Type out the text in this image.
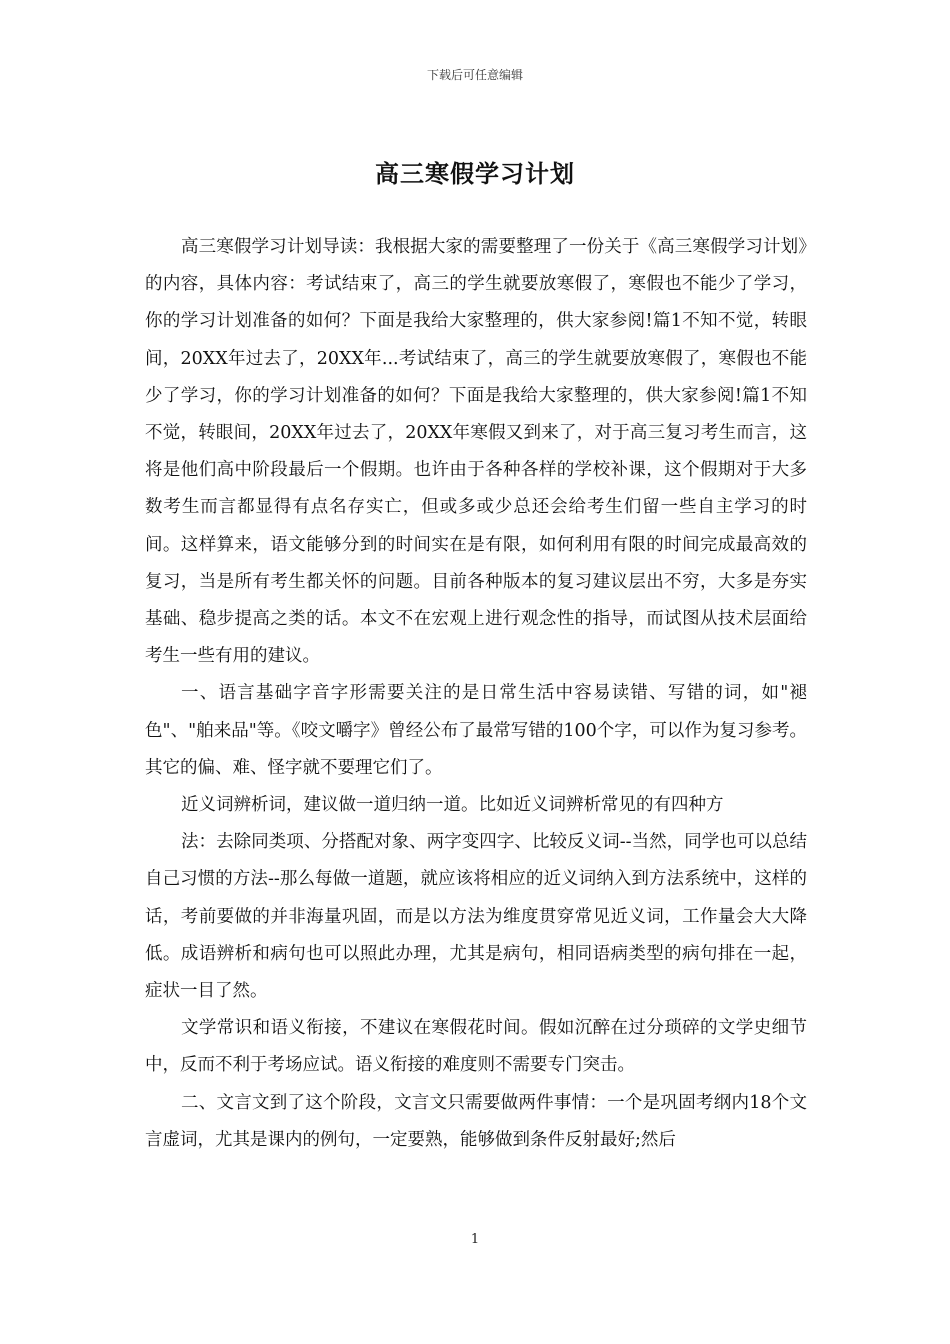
下载后可任意编辑
高三寒假学习计划

高三寒假学习计划导读：我根据大家的需要整理了一份关于《高三寒假学习计划》的内容，具体内容：考试结束了，高三的学生就要放寒假了，寒假也不能少了学习，你的学习计划准备的如何？下面是我给大家整理的，供大家参阅!篇1不知不觉，转眼间，20XX年过去了，20XX年...考试结束了，高三的学生就要放寒假了，寒假也不能少了学习，你的学习计划准备的如何？下面是我给大家整理的，供大家参阅!篇1不知不觉，转眼间，20XX年过去了，20XX年寒假又到来了，对于高三复习考生而言，这将是他们高中阶段最后一个假期。也许由于各种各样的学校补课，这个假期对于大多数考生而言都显得有点名存实亡，但或多或少总还会给考生们留一些自主学习的时间。这样算来，语文能够分到的时间实在是有限，如何利用有限的时间完成最高效的复习，当是所有考生都关怀的问题。目前各种版本的复习建议层出不穷，大多是夯实基础、稳步提高之类的话。本文不在宏观上进行观念性的指导，而试图从技术层面给考生一些有用的建议。

一、语言基础字音字形需要关注的是日常生活中容易读错、写错的词，如"褪色"、"舶来品"等。《咬文嚼字》曾经公布了最常写错的100个字，可以作为复习参考。其它的偏、难、怪字就不要理它们了。

近义词辨析词，建议做一道归纳一道。比如近义词辨析常见的有四种方

法：去除同类项、分搭配对象、两字变四字、比较反义词--当然，同学也可以总结自己习惯的方法--那么每做一道题，就应该将相应的近义词纳入到方法系统中，这样的话，考前要做的并非海量巩固，而是以方法为维度贯穿常见近义词，工作量会大大降低。成语辨析和病句也可以照此办理，尤其是病句，相同语病类型的病句排在一起，症状一目了然。

文学常识和语义衔接，不建议在寒假花时间。假如沉醉在过分琐碎的文学史细节中，反而不利于考场应试。语义衔接的难度则不需要专门突击。

二、文言文到了这个阶段，文言文只需要做两件事情：一个是巩固考纲内18个文言虚词，尤其是课内的例句，一定要熟，能够做到条件反射最好;然后

1
